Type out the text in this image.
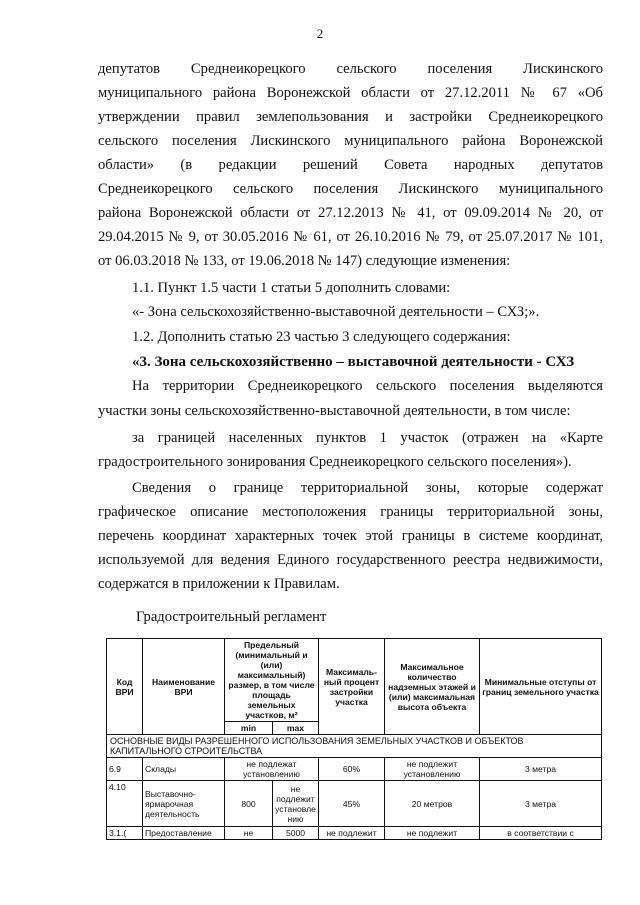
2
депутатов Среднеикорецкого сельского поселения Лискинского
муниципального района Воронежской области от 27.12.2011 № 67 «Об
утверждении правил землепользования и застройки Среднеикорецкого
сельского поселения Лискинского муниципального района Воронежской
области» (в редакции решений Совета народных депутатов
Среднеикорецкого сельского поселения Лискинского муниципального
района Воронежской области от 27.12.2013 № 41, от 09.09.2014 № 20, от
29.04.2015 № 9, от 30.05.2016 № 61, от 26.10.2016 № 79, от 25.07.2017 № 101,
от 06.03.2018 № 133, от 19.06.2018 № 147) следующие изменения:
1.1. Пункт 1.5 части 1 статьи 5 дополнить словами:
«- Зона сельскохозяйственно-выставочной деятельности – СХЗ;».
1.2. Дополнить статью 23 частью 3 следующего содержания:
«3. Зона сельскохозяйственно – выставочной деятельности - СХЗ
На территории Среднеикорецкого сельского поселения выделяются
участки зоны сельскохозяйственно-выставочной деятельности, в том числе:
за границей населенных пунктов 1 участок (отражен на «Карте
градостроительного зонирования Среднеикорецкого сельского поселения»).
Сведения о границе территориальной зоны, которые содержат
графическое описание местоположения границы территориальной зоны,
перечень координат характерных точек этой границы в системе координат,
используемой для ведения Единого государственного реестра недвижимости,
содержатся в приложении к Правилам.
Градостроительный регламент
Код ВРИ	Наименование ВРИ	Предельный (минимальный и (или) максимальный) размер, в том числе площадь земельных участков, м²		Максималь-ный процент застройки участка	Максимальное количество надземных этажей и (или) максимальная высота объекта	Минимальные отступы от границ земельного участка
		min	max			
ОСНОВНЫЕ ВИДЫ РАЗРЕШЕННОГО ИСПОЛЬЗОВАНИЯ ЗЕМЕЛЬНЫХ УЧАСТКОВ И ОБЪЕКТОВ КАПИТАЛЬНОГО СТРОИТЕЛЬСТВА						
6.9	Склады	не подлежат установлению		60%	не подлежит установлению	3 метра
4.10	Выставочно-ярмарочная деятельность	800	не подлежит установле нию	45%	20 метров	3 метра
3.1.(	Предоставление	не	5000	не подлежит	не подлежит	в соответствии с
